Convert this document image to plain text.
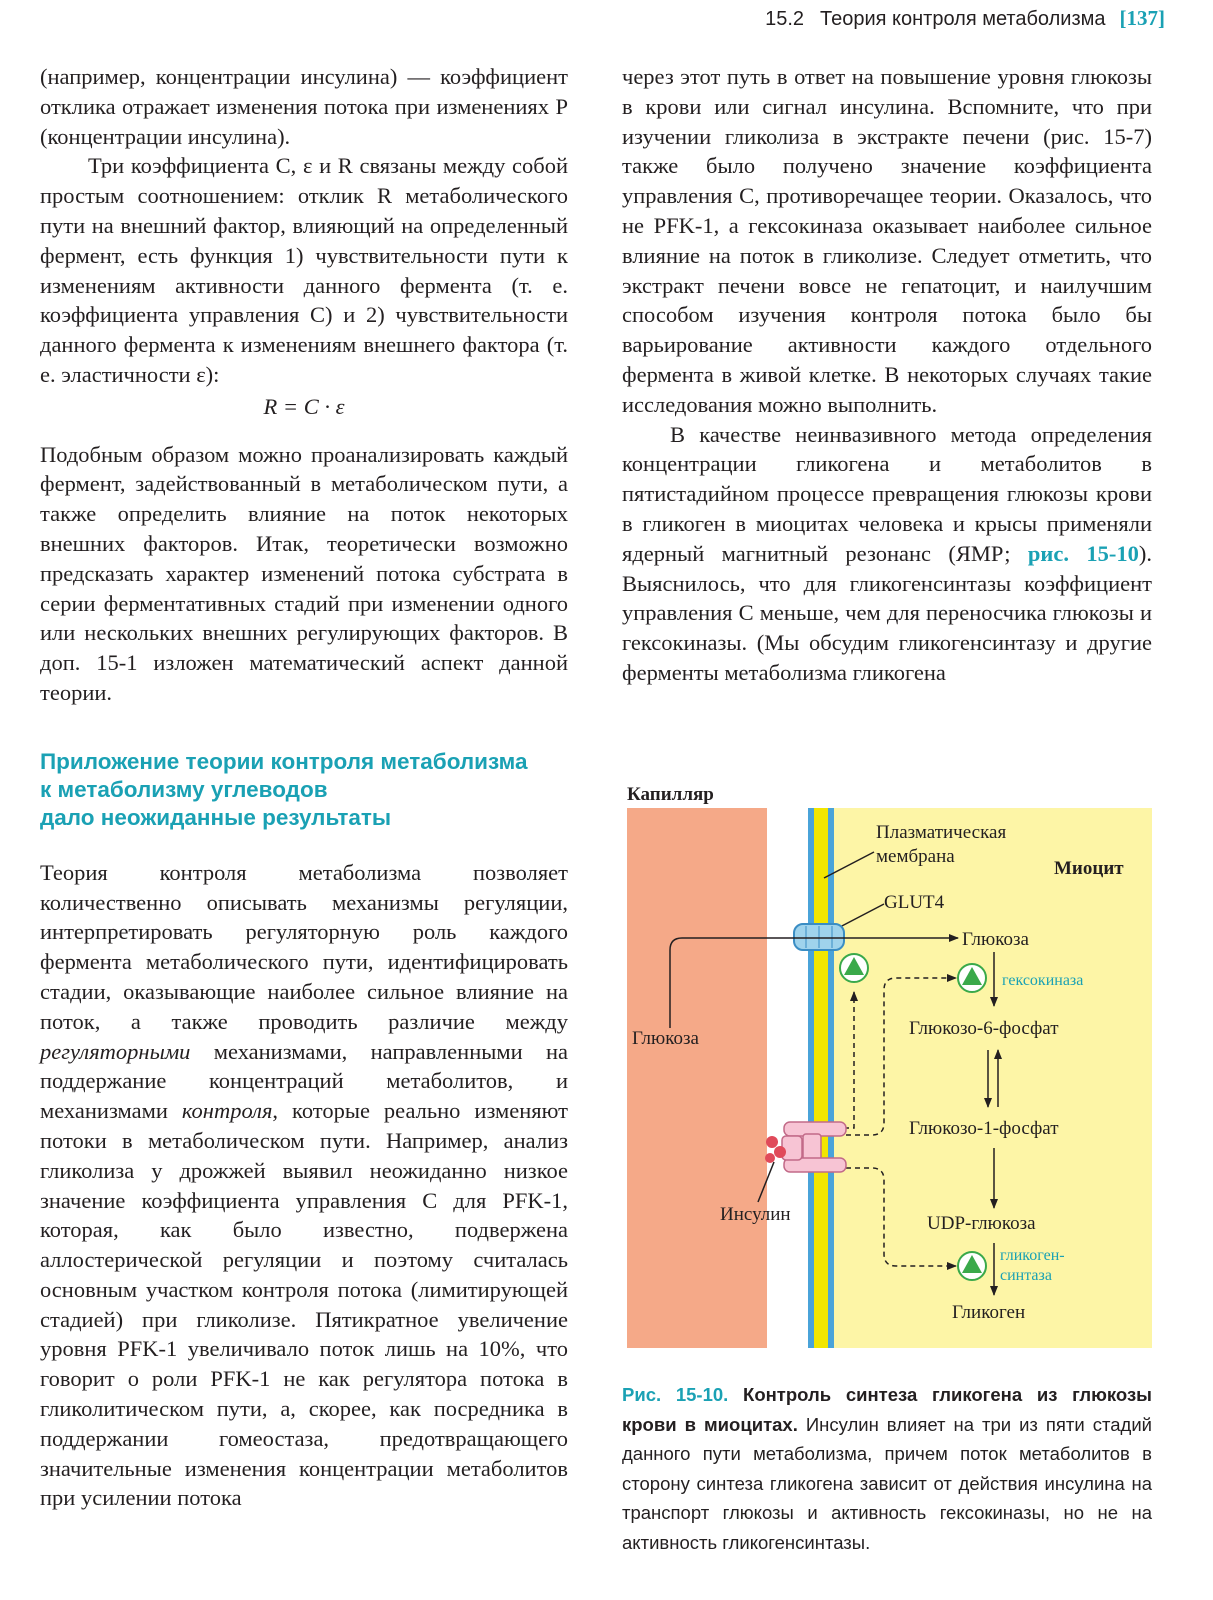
15.2 Теория контроля метаболизма [137]

(например, концентрации инсулина) — коэффициент отклика отражает изменения потока при изменениях P (концентрации инсулина).

Три коэффициента C, ε и R связаны между собой простым соотношением: отклик R метаболического пути на внешний фактор, влияющий на определенный фермент, есть функция 1) чувствительности пути к изменениям активности данного фермента (т. е. коэффициента управления C) и 2) чувствительности данного фермента к изменениям внешнего фактора (т. е. эластичности ε):

R = C · ε

Подобным образом можно проанализировать каждый фермент, задействованный в метаболическом пути, а также определить влияние на поток некоторых внешних факторов. Итак, теоретически возможно предсказать характер изменений потока субстрата в серии ферментативных стадий при изменении одного или нескольких внешних регулирующих факторов. В доп. 15-1 изложен математический аспект данной теории.

Приложение теории контроля метаболизма
к метаболизму углеводов
дало неожиданные результаты

Теория контроля метаболизма позволяет количественно описывать механизмы регуляции, интерпретировать регуляторную роль каждого фермента метаболического пути, идентифицировать стадии, оказывающие наиболее сильное влияние на поток, а также проводить различие между регуляторными механизмами, направленными на поддержание концентраций метаболитов, и механизмами контроля, которые реально изменяют потоки в метаболическом пути. Например, анализ гликолиза у дрожжей выявил неожиданно низкое значение коэффициента управления C для PFK-1, которая, как было известно, подвержена аллостерической регуляции и поэтому считалась основным участком контроля потока (лимитирующей стадией) при гликолизе. Пятикратное увеличение уровня PFK-1 увеличивало поток лишь на 10%, что говорит о роли PFK-1 не как регулятора потока в гликолитическом пути, а, скорее, как посредника в поддержании гомеостаза, предотвращающего значительные изменения концентрации метаболитов при усилении потока

через этот путь в ответ на повышение уровня глюкозы в крови или сигнал инсулина. Вспомните, что при изучении гликолиза в экстракте печени (рис. 15-7) также было получено значение коэффициента управления C, противоречащее теории. Оказалось, что не PFK-1, а гексокиназа оказывает наиболее сильное влияние на поток в гликолизе. Следует отметить, что экстракт печени вовсе не гепатоцит, и наилучшим способом изучения контроля потока было бы варьирование активности каждого отдельного фермента в живой клетке. В некоторых случаях такие исследования можно выполнить.

В качестве неинвазивного метода определения концентрации гликогена и метаболитов в пятистадийном процессе превращения глюкозы крови в гликоген в миоцитах человека и крысы применяли ядерный магнитный резонанс (ЯМР; рис. 15-10). Выяснилось, что для гликогенсинтазы коэффициент управления C меньше, чем для переносчика глюкозы и гексокиназы. (Мы обсудим гликогенсинтазу и другие ферменты метаболизма гликогена

Капилляр
Плазматическая
мембрана
Миоцит
GLUT4
Глюкоза
Глюкоза
гексокиназа
Глюкозо-6-фосфат
Глюкозо-1-фосфат
UDP-глюкоза
гликоген-
синтаза
Гликоген
Инсулин
Рис. 15-10. Контроль синтеза гликогена из глюкозы крови в миоцитах. Инсулин влияет на три из пяти стадий данного пути метаболизма, причем поток метаболитов в сторону синтеза гликогена зависит от действия инсулина на транспорт глюкозы и активность гексокиназы, но не на активность гликогенсинтазы.
